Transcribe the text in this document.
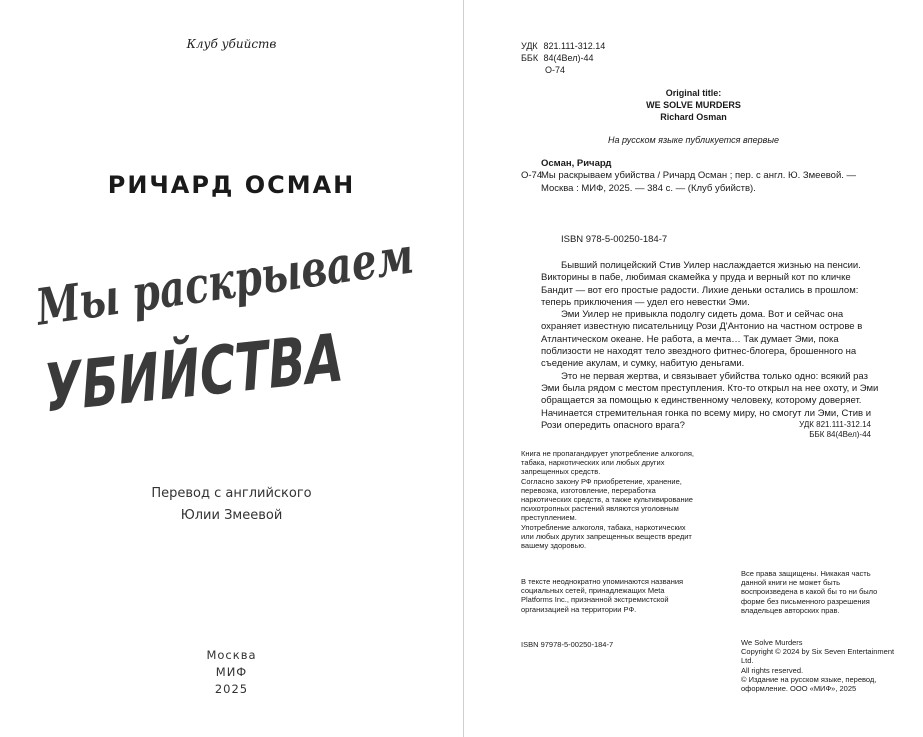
Клуб убийств
РИЧАРД ОСМАН
Мы раскрываем
УБИЙСТВА
Перевод с английского
Юлии Змеевой
Москва
МИФ
2025
УДК 821.111-312.14
ББК 84(4Вел)-44
О-74
Original title:
WE SOLVE MURDERS
Richard Osman
На русском языке публикуется впервые
Осман, Ричард
О-74
Мы раскрываем убийства / Ричард Осман ; пер. с англ. Ю. Змеевой. — Москва : МИФ, 2025. — 384 с. — (Клуб убийств).
ISBN 978-5-00250-184-7

Бывший полицейский Стив Уилер наслаждается жизнью на пенсии. Викторины в пабе, любимая скамейка у пруда и верный кот по кличке Бандит — вот его простые радости. Лихие деньки остались в прошлом: теперь приключения — удел его невестки Эми.

Эми Уилер не привыкла подолгу сидеть дома. Вот и сейчас она охраняет известную писательницу Рози Д'Антонио на частном острове в Атлантическом океане. Не работа, а мечта… Так думает Эми, пока поблизости не находят тело звездного фитнес-блогера, брошенного на съедение акулам, и сумку, набитую деньгами.

Это не первая жертва, и связывает убийства только одно: всякий раз Эми была рядом с местом преступления. Кто-то открыл на нее охоту, и Эми обращается за помощью к единственному человеку, которому доверяет. Начинается стремительная гонка по всему миру, но смогут ли Эми, Стив и Рози опередить опасного врага?	УДК 821.111-312.14
ББК 84(4Вел)-44

Книга не пропагандирует употребление алкоголя, табака, наркотических или любых других запрещенных средств.

Согласно закону РФ приобретение, хранение, перевозка, изготовление, переработка наркотических средств, а также культивирование психотропных растений являются уголовным преступлением.

Употребление алкоголя, табака, наркотических или любых других запрещенных веществ вредит вашему здоровью.

В тексте неоднократно упоминаются названия социальных сетей, принадлежащих Meta Platforms Inc., признанной экстремистской организацией на территории РФ.
ISBN 97978-5-00250-184-7
Все права защищены. Никакая часть данной книги не может быть воспроизведена в какой бы то ни было форме без письменного разрешения владельцев авторских прав.
We Solve Murders
Copyright © 2024 by Six Seven Entertainment Ltd.
All rights reserved.
© Издание на русском языке, перевод, оформление. ООО «МИФ», 2025
